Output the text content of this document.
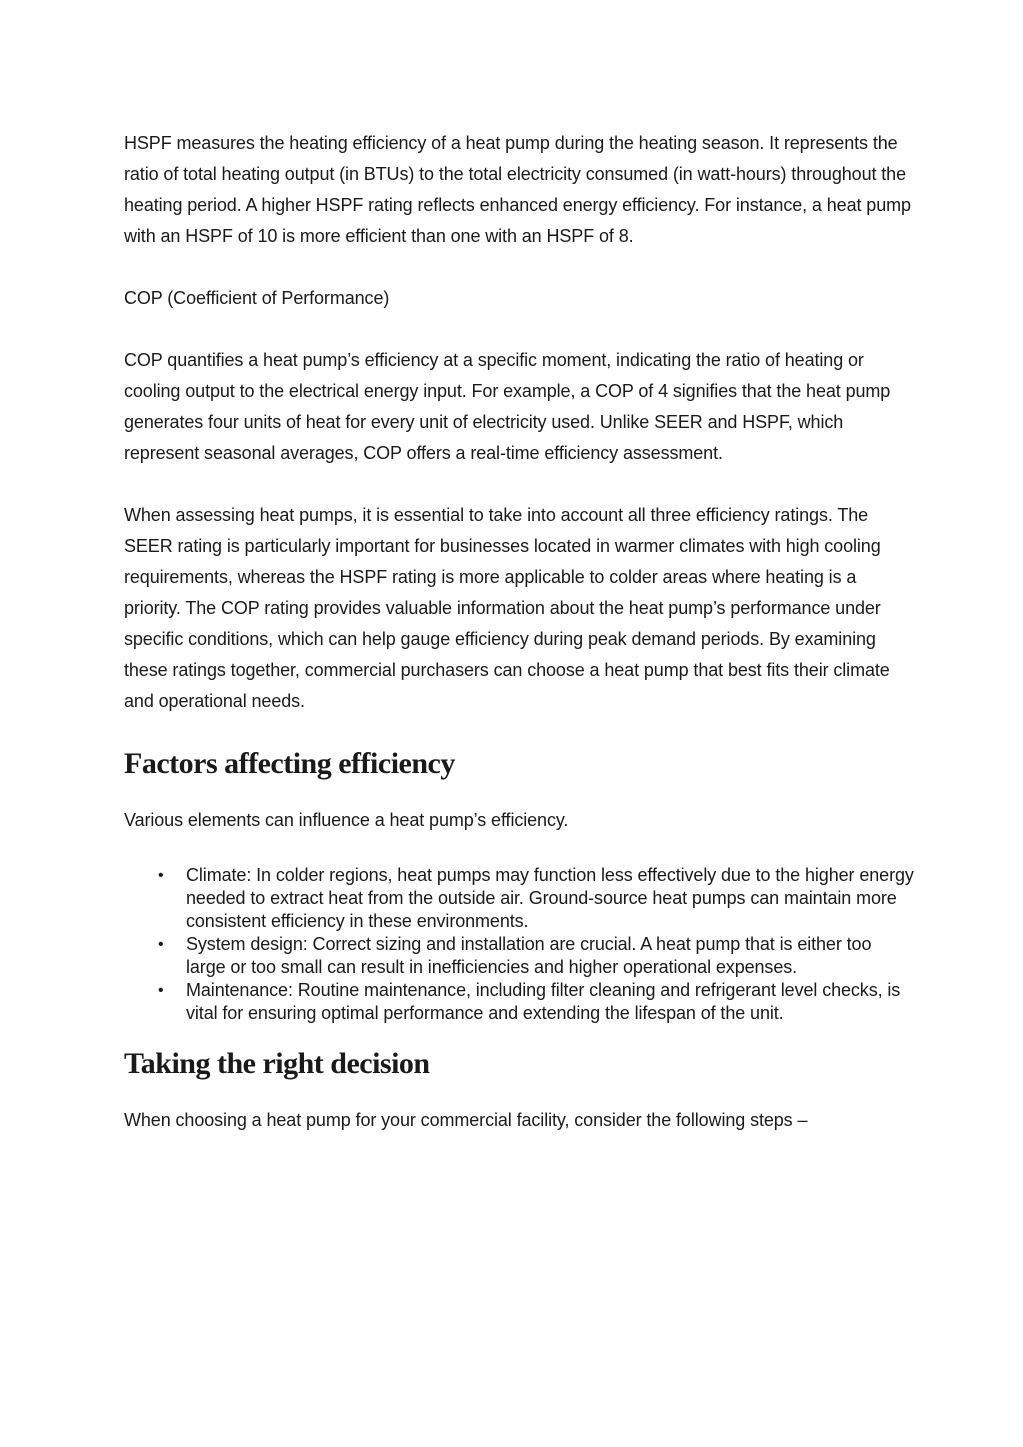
HSPF measures the heating efficiency of a heat pump during the heating season. It represents the ratio of total heating output (in BTUs) to the total electricity consumed (in watt-hours) throughout the heating period. A higher HSPF rating reflects enhanced energy efficiency. For instance, a heat pump with an HSPF of 10 is more efficient than one with an HSPF of 8.

COP (Coefficient of Performance)

COP quantifies a heat pump’s efficiency at a specific moment, indicating the ratio of heating or cooling output to the electrical energy input. For example, a COP of 4 signifies that the heat pump generates four units of heat for every unit of electricity used. Unlike SEER and HSPF, which represent seasonal averages, COP offers a real-time efficiency assessment.

When assessing heat pumps, it is essential to take into account all three efficiency ratings. The SEER rating is particularly important for businesses located in warmer climates with high cooling requirements, whereas the HSPF rating is more applicable to colder areas where heating is a priority. The COP rating provides valuable information about the heat pump’s performance under specific conditions, which can help gauge efficiency during peak demand periods. By examining these ratings together, commercial purchasers can choose a heat pump that best fits their climate and operational needs.

Factors affecting efficiency

Various elements can influence a heat pump’s efficiency.

• Climate: In colder regions, heat pumps may function less effectively due to the higher energy needed to extract heat from the outside air. Ground-source heat pumps can maintain more consistent efficiency in these environments.
• System design: Correct sizing and installation are crucial. A heat pump that is either too large or too small can result in inefficiencies and higher operational expenses.
• Maintenance: Routine maintenance, including filter cleaning and refrigerant level checks, is vital for ensuring optimal performance and extending the lifespan of the unit.
Taking the right decision

When choosing a heat pump for your commercial facility, consider the following steps –
